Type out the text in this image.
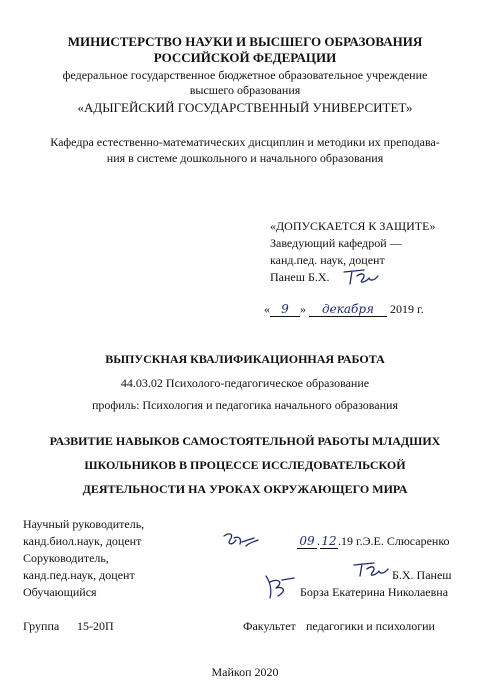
МИНИСТЕРСТВО НАУКИ И ВЫСШЕГО ОБРАЗОВАНИЯ
РОССИЙСКОЙ ФЕДЕРАЦИИ
федеральное государственное бюджетное образовательное учреждение
высшего образования
«АДЫГЕЙСКИЙ ГОСУДАРСТВЕННЫЙ УНИВЕРСИТЕТ»
Кафедра естественно-математических дисциплин и методики их преподава-
ния в системе дошкольного и начального образования
«ДОПУСКАЕТСЯ К ЗАЩИТЕ»
Заведующий кафедрой —
канд.пед. наук, доцент
Панеш Б.Х.
« 9 » декабря 2019 г.
ВЫПУСКНАЯ КВАЛИФИКАЦИОННАЯ РАБОТА
44.03.02 Психолого-педагогическое образование
профиль: Психология и педагогика начального образования
РАЗВИТИЕ НАВЫКОВ САМОСТОЯТЕЛЬНОЙ РАБОТЫ МЛАДШИХ
ШКОЛЬНИКОВ В ПРОЦЕССЕ ИССЛЕДОВАТЕЛЬСКОЙ
ДЕЯТЕЛЬНОСТИ НА УРОКАХ ОКРУЖАЮЩЕГО МИРА
Научный руководитель,
канд.биол.наук, доцент	09 .12.19 г.Э.Е. Слюсаренко
Соруководитель,
канд.пед.наук, доцент	Б.Х. Панеш
Обучающийся	Борза Екатерина Николаевна
Группа 15-20П	Факультет педагогики и психологии
Майкоп 2020
